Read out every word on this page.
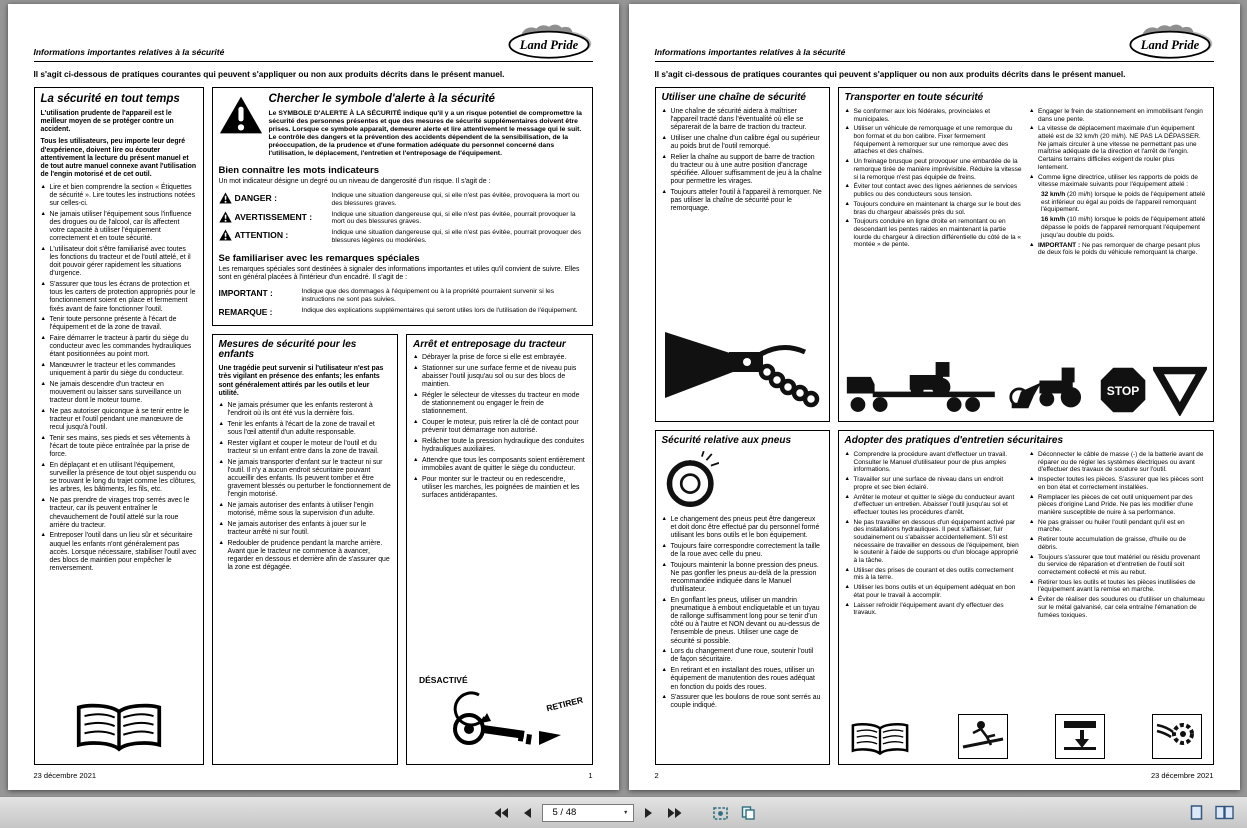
Informations importantes relatives à la sécurité	Land Pride

Il s'agit ci-dessous de pratiques courantes qui peuvent s'appliquer ou non aux produits décrits dans le présent manuel.

La sécurité en tout temps

L'utilisation prudente de l'appareil est le meilleur moyen de se protéger contre un accident.

Tous les utilisateurs, peu importe leur degré d'expérience, doivent lire ou écouter attentivement la lecture du présent manuel et de tout autre manuel connexe avant l'utilisation de l'engin motorisé et de cet outil.

▲ Lire et bien comprendre la section « Étiquettes de sécurité ». Lire toutes les instructions notées sur celles-ci.
▲ Ne jamais utiliser l'équipement sous l'influence des drogues ou de l'alcool, car ils affectent votre capacité à utiliser l'équipement correctement et en toute sécurité.
▲ L'utilisateur doit s'être familiarisé avec toutes les fonctions du tracteur et de l'outil attelé, et il doit pouvoir gérer rapidement les situations d'urgence.
▲ S'assurer que tous les écrans de protection et tous les carters de protection appropriés pour le fonctionnement soient en place et fermement fixés avant de faire fonctionner l'outil.
▲ Tenir toute personne présente à l'écart de l'équipement et de la zone de travail.
▲ Faire démarrer le tracteur à partir du siège du conducteur avec les commandes hydrauliques étant positionnées au point mort.
▲ Manœuvrer le tracteur et les commandes uniquement à partir du siège du conducteur.
▲ Ne jamais descendre d'un tracteur en mouvement ou laisser sans surveillance un tracteur dont le moteur tourne.
▲ Ne pas autoriser quiconque à se tenir entre le tracteur et l'outil pendant une manœuvre de recul jusqu'à l'outil.
▲ Tenir ses mains, ses pieds et ses vêtements à l'écart de toute pièce entraînée par la prise de force.
▲ En déplaçant et en utilisant l'équipement, surveiller la présence de tout objet suspendu ou se trouvant le long du trajet comme les clôtures, les arbres, les bâtiments, les fils, etc.
▲ Ne pas prendre de virages trop serrés avec le tracteur, car ils peuvent entraîner le chevauchement de l'outil attelé sur la roue arrière du tracteur.
▲ Entreposer l'outil dans un lieu sûr et sécuritaire auquel les enfants n'ont généralement pas accès. Lorsque nécessaire, stabiliser l'outil avec des blocs de maintien pour empêcher le renversement.
Chercher le symbole d'alerte à la sécurité
Le SYMBOLE D'ALERTE À LA SÉCURITÉ indique qu'il y a un risque potentiel de compromettre la sécurité des personnes présentes et que des mesures de sécurité supplémentaires doivent être prises. Lorsque ce symbole apparaît, demeurer alerte et lire attentivement le message qui le suit. Le contrôle des dangers et la prévention des accidents dépendent de la sensibilisation, de la préoccupation, de la prudence et d'une formation adéquate du personnel concerné dans l'utilisation, le déplacement, l'entretien et l'entreposage de l'équipement.
Bien connaître les mots indicateurs
Un mot indicateur désigne un degré ou un niveau de dangerosité d'un risque. Il s'agit de :
DANGER :	Indique une situation dangereuse qui, si elle n'est pas évitée, provoquera la mort ou des blessures graves.
AVERTISSEMENT :	Indique une situation dangereuse qui, si elle n'est pas évitée, pourrait provoquer la mort ou des blessures graves.
ATTENTION :	Indique une situation dangereuse qui, si elle n'est pas évitée, pourrait provoquer des blessures légères ou modérées.
Se familiariser avec les remarques spéciales
Les remarques spéciales sont destinées à signaler des informations importantes et utiles qu'il convient de suivre. Elles sont en général placées à l'intérieur d'un encadré. Il s'agit de :
IMPORTANT :	Indique que des dommages à l'équipement ou à la propriété pourraient survenir si les instructions ne sont pas suivies.
REMARQUE :	Indique des explications supplémentaires qui seront utiles lors de l'utilisation de l'équipement.
Mesures de sécurité pour les enfants

Une tragédie peut survenir si l'utilisateur n'est pas très vigilant en présence des enfants; les enfants sont généralement attirés par les outils et leur utilité.

▲ Ne jamais présumer que les enfants resteront à l'endroit où ils ont été vus la dernière fois.
▲ Tenir les enfants à l'écart de la zone de travail et sous l'œil attentif d'un adulte responsable.
▲ Rester vigilant et couper le moteur de l'outil et du tracteur si un enfant entre dans la zone de travail.
▲ Ne jamais transporter d'enfant sur le tracteur ni sur l'outil. Il n'y a aucun endroit sécuritaire pouvant accueillir des enfants. Ils peuvent tomber et être gravement blessés ou perturber le fonctionnement de l'engin motorisé.
▲ Ne jamais autoriser des enfants à utiliser l'engin motorisé, même sous la supervision d'un adulte.
▲ Ne jamais autoriser des enfants à jouer sur le tracteur arrêté ni sur l'outil.
▲ Redoubler de prudence pendant la marche arrière. Avant que le tracteur ne commence à avancer, regarder en dessous et derrière afin de s'assurer que la zone est dégagée.
Arrêt et entreposage du tracteur
▲ Débrayer la prise de force si elle est embrayée.
▲ Stationner sur une surface ferme et de niveau puis abaisser l'outil jusqu'au sol ou sur des blocs de maintien.
▲ Régler le sélecteur de vitesses du tracteur en mode de stationnement ou engager le frein de stationnement.
▲ Couper le moteur, puis retirer la clé de contact pour prévenir tout démarrage non autorisé.
▲ Relâcher toute la pression hydraulique des conduites hydrauliques auxiliaires.
▲ Attendre que tous les composants soient entièrement immobiles avant de quitter le siège du conducteur.
▲ Pour monter sur le tracteur ou en redescendre, utiliser les marches, les poignées de maintien et les surfaces antidérapantes.
DÉSACTIVÉ
RETIRER
23 décembre 2021	1
Informations importantes relatives à la sécurité	Land Pride

Il s'agit ci-dessous de pratiques courantes qui peuvent s'appliquer ou non aux produits décrits dans le présent manuel.

Utiliser une chaîne de sécurité
▲ Une chaîne de sécurité aidera à maîtriser l'appareil tracté dans l'éventualité où elle se séparerait de la barre de traction du tracteur.
▲ Utiliser une chaîne d'un calibre égal ou supérieur au poids brut de l'outil remorqué.
▲ Relier la chaîne au support de barre de traction du tracteur ou à une autre position d'ancrage spécifiée. Allouer suffisamment de jeu à la chaîne pour permettre les virages.
▲ Toujours atteler l'outil à l'appareil à remorquer. Ne pas utiliser la chaîne de sécurité pour le remorquage.
Transporter en toute sécurité
▲ Se conformer aux lois fédérales, provinciales et municipales.
▲ Utiliser un véhicule de remorquage et une remorque du bon format et du bon calibre. Fixer fermement l'équipement à remorquer sur une remorque avec des attaches et des chaînes.
▲ Un freinage brusque peut provoquer une embardée de la remorque tirée de manière imprévisible. Réduire la vitesse si la remorque n'est pas équipée de freins.
▲ Éviter tout contact avec des lignes aériennes de services publics ou des conducteurs sous tension.
▲ Toujours conduire en maintenant la charge sur le bout des bras du chargeur abaissés près du sol.
▲ Toujours conduire en ligne droite en remontant ou en descendant les pentes raides en maintenant la partie lourde du chargeur à direction différentielle du côté de la « montée » de pente.
▲ Engager le frein de stationnement en immobilisant l'engin dans une pente.
▲ La vitesse de déplacement maximale d'un équipement attelé est de 32 km/h (20 mi/h). NE PAS LA DÉPASSER. Ne jamais circuler à une vitesse ne permettant pas une maîtrise adéquate de la direction et l'arrêt de l'engin. Certains terrains difficiles exigent de rouler plus lentement.
▲ Comme ligne directrice, utiliser les rapports de poids de vitesse maximale suivants pour l'équipement attelé :
32 km/h (20 mi/h) lorsque le poids de l'équipement attelé est inférieur ou égal au poids de l'appareil remorquant l'équipement.
16 km/h (10 mi/h) lorsque le poids de l'équipement attelé dépasse le poids de l'appareil remorquant l'équipement jusqu'au double du poids.
▲ IMPORTANT : Ne pas remorquer de charge pesant plus de deux fois le poids du véhicule remorquant la charge.
STOP
Sécurité relative aux pneus
▲ Le changement des pneus peut être dangereux et doit donc être effectué par du personnel formé utilisant les bons outils et le bon équipement.
▲ Toujours faire correspondre correctement la taille de la roue avec celle du pneu.
▲ Toujours maintenir la bonne pression des pneus. Ne pas gonfler les pneus au-delà de la pression recommandée indiquée dans le Manuel d'utilisateur.
▲ En gonflant les pneus, utiliser un mandrin pneumatique à embout encliquetable et un tuyau de rallonge suffisamment long pour se tenir d'un côté ou à l'autre et NON devant ou au-dessus de l'ensemble de pneus. Utiliser une cage de sécurité si possible.
▲ Lors du changement d'une roue, soutenir l'outil de façon sécuritaire.
▲ En retirant et en installant des roues, utiliser un équipement de manutention des roues adéquat en fonction du poids des roues.
▲ S'assurer que les boulons de roue sont serrés au couple indiqué.
Adopter des pratiques d'entretien sécuritaires
▲ Comprendre la procédure avant d'effectuer un travail. Consulter le Manuel d'utilisateur pour de plus amples informations.
▲ Travailler sur une surface de niveau dans un endroit propre et sec bien éclairé.
▲ Arrêter le moteur et quitter le siège du conducteur avant d'effectuer un entretien. Abaisser l'outil jusqu'au sol et effectuer toutes les procédures d'arrêt.
▲ Ne pas travailler en dessous d'un équipement activé par des installations hydrauliques. Il peut s'affaisser, fuir soudainement ou s'abaisser accidentellement. S'il est nécessaire de travailler en dessous de l'équipement, bien le soutenir à l'aide de supports ou d'un blocage approprié à la tâche.
▲ Utiliser des prises de courant et des outils correctement mis à la terre.
▲ Utiliser les bons outils et un équipement adéquat en bon état pour le travail à accomplir.
▲ Laisser refroidir l'équipement avant d'y effectuer des travaux.
▲ Déconnecter le câble de masse (-) de la batterie avant de réparer ou de régler les systèmes électriques ou avant d'effectuer des travaux de soudure sur l'outil.
▲ Inspecter toutes les pièces. S'assurer que les pièces sont en bon état et correctement installées.
▲ Remplacer les pièces de cet outil uniquement par des pièces d'origine Land Pride. Ne pas les modifier d'une manière susceptible de nuire à sa performance.
▲ Ne pas graisser ou huiler l'outil pendant qu'il est en marche.
▲ Retirer toute accumulation de graisse, d'huile ou de débris.
▲ Toujours s'assurer que tout matériel ou résidu provenant du service de réparation et d'entretien de l'outil soit correctement collecté et mis au rebut.
▲ Retirer tous les outils et toutes les pièces inutilisées de l'équipement avant la remise en marche.
▲ Éviter de réaliser des soudures ou d'utiliser un chalumeau sur le métal galvanisé, car cela entraîne l'émanation de fumées toxiques.
2	23 décembre 2021
5 / 48	▼
